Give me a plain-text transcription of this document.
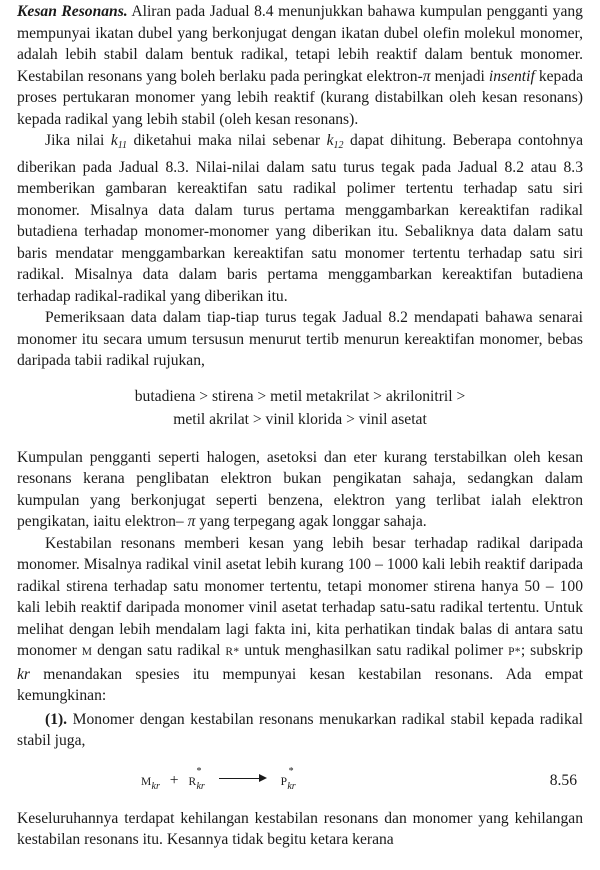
Kesan Resonans. Aliran pada Jadual 8.4 menunjukkan bahawa kumpulan pengganti yang mempunyai ikatan dubel yang berkonjugat dengan ikatan dubel olefin molekul monomer, adalah lebih stabil dalam bentuk radikal, tetapi lebih reaktif dalam bentuk monomer. Kestabilan resonans yang boleh berlaku pada peringkat elektron-π menjadi insentif kepada proses pertukaran monomer yang lebih reaktif (kurang distabilkan oleh kesan resonans) kepada radikal yang lebih stabil (oleh kesan resonans).

Jika nilai $k_{11}$ diketahui maka nilai sebenar $k_{12}$ dapat dihitung. Beberapa contohnya diberikan pada Jadual 8.3. Nilai-nilai dalam satu turus tegak pada Jadual 8.2 atau 8.3 memberikan gambaran kereaktifan satu radikal polimer tertentu terhadap satu siri monomer. Misalnya data dalam turus pertama menggambarkan kereaktifan radikal butadiena terhadap monomer-monomer yang diberikan itu. Sebaliknya data dalam satu baris mendatar menggambarkan kereaktifan satu monomer tertentu terhadap satu siri radikal. Misalnya data dalam baris pertama menggambarkan kereaktifan butadiena terhadap radikal-radikal yang diberikan itu.

Pemeriksaan data dalam tiap-tiap turus tegak Jadual 8.2 mendapati bahawa senarai monomer itu secara umum tersusun menurut tertib menurun kereaktifan monomer, bebas daripada tabii radikal rujukan,

butadiena > stirena > metil metakrilat > akrilonitril >
metil akrilat > vinil klorida > vinil asetat

Kumpulan pengganti seperti halogen, asetoksi dan eter kurang terstabilkan oleh kesan resonans kerana penglibatan elektron bukan pengikatan sahaja, sedangkan dalam kumpulan yang berkonjugat seperti benzena, elektron yang terlibat ialah elektron pengikatan, iaitu elektron– π yang terpegang agak longgar sahaja.

Kestabilan resonans memberi kesan yang lebih besar terhadap radikal daripada monomer. Misalnya radikal vinil asetat lebih kurang 100 – 1000 kali lebih reaktif daripada radikal stirena terhadap satu monomer tertentu, tetapi monomer stirena hanya 50 – 100 kali lebih reaktif daripada monomer vinil asetat terhadap satu-satu radikal tertentu. Untuk melihat dengan lebih mendalam lagi fakta ini, kita perhatikan tindak balas di antara satu monomer M dengan satu radikal R* untuk menghasilkan satu radikal polimer P*; subskrip kr menandakan spesies itu mempunyai kesan kestabilan resonans. Ada empat kemungkinan:

(1). Monomer dengan kestabilan resonans menukarkan radikal stabil kepada radikal stabil juga,

$M_{kr} + R$
*
$_{kr}$	P
*
$_{kr}$	8.56

Keseluruhannya terdapat kehilangan kestabilan resonans dan monomer yang kehilangan kestabilan resonans itu. Kesannya tidak begitu ketara kerana
